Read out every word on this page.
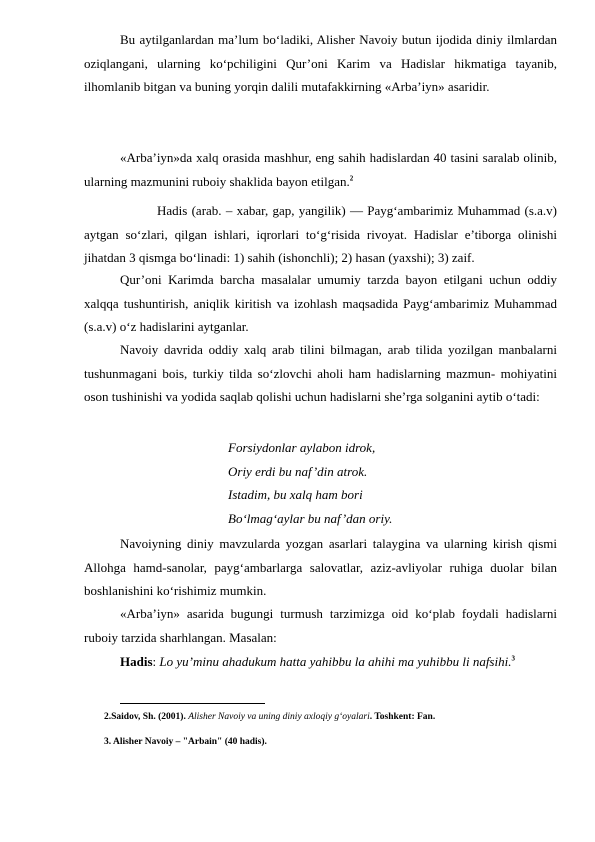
Bu aytilganlardan ma’lum bo‘ladiki, Alisher Navoiy butun ijodida diniy ilmlardan oziqlangani, ularning ko‘pchiligini Qur’oni Karim va Hadislar hikmatiga tayanib, ilhomlanib bitgan va buning yorqin dalili mutafakkirning «Arba’iyn» asaridir.

«Arba’iyn»da xalq orasida mashhur, eng sahih hadislardan 40 tasini saralab olinib, ularning mazmunini ruboiy shaklida bayon etilgan.$^2$

Hadis (arab. – xabar, gap, yangilik) — Payg‘ambarimiz Muhammad (s.a.v) aytgan so‘zlari, qilgan ishlari, iqrorlari to‘g‘risida rivoyat. Hadislar e’tiborga olinishi jihatdan 3 qismga bo‘linadi: 1) sahih (ishonchli); 2) hasan (yaxshi); 3) zaif.

Qur’oni Karimda barcha masalalar umumiy tarzda bayon etilgani uchun oddiy xalqqa tushuntirish, aniqlik kiritish va izohlash maqsadida Payg‘ambarimiz Muhammad (s.a.v) o‘z hadislarini aytganlar.

Navoiy davrida oddiy xalq arab tilini bilmagan, arab tilida yozilgan manbalarni tushunmagani bois, turkiy tilda so‘zlovchi aholi ham hadislarning mazmun- mohiyatini oson tushinishi va yodida saqlab qolishi uchun hadislarni she’rga solganini aytib o‘tadi:

Forsiydonlar aylabon idrok,
Oriy erdi bu naf’din atrok.
Istadim, bu xalq ham bori
Bo‘lmag‘aylar bu naf’dan oriy.

Navoiyning diniy mavzularda yozgan asarlari talaygina va ularning kirish qismi Allohga hamd-sanolar, payg‘ambarlarga salovatlar, aziz-avliyolar ruhiga duolar bilan boshlanishini ko‘rishimiz mumkin.

«Arba’iyn» asarida bugungi turmush tarzimizga oid ko‘plab foydali hadislarni ruboiy tarzida sharhlangan. Masalan:

Hadis: Lo yu’minu ahadukum hatta yahibbu la ahihi ma yuhibbu li nafsihi.$^3$

2.Saidov, Sh. (2001). Alisher Navoiy va uning diniy axloqiy g‘oyalari. Toshkent: Fan.
3. Alisher Navoiy – "Arbain" (40 hadis).
